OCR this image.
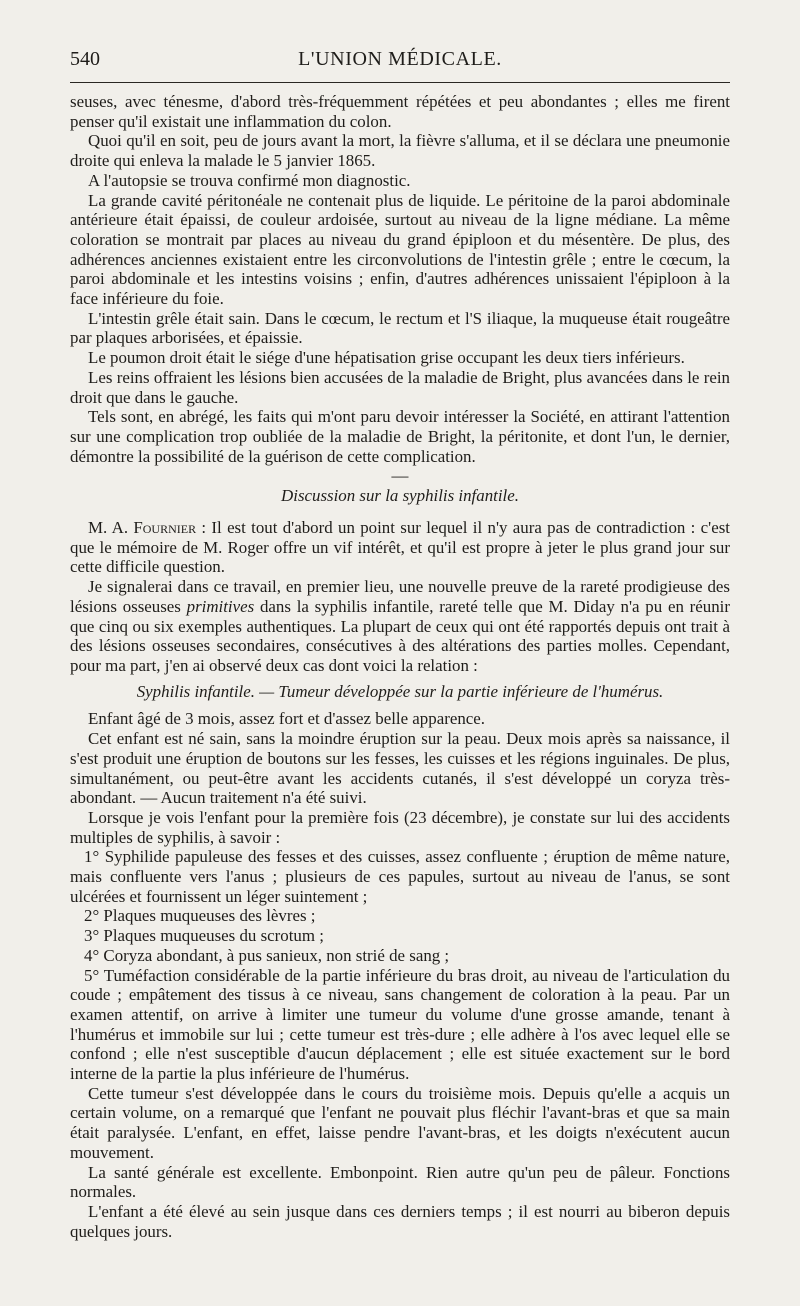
540	L'UNION MÉDICALE.

seuses, avec ténesme, d'abord très-fréquemment répétées et peu abondantes ; elles me firent penser qu'il existait une inflammation du colon.

Quoi qu'il en soit, peu de jours avant la mort, la fièvre s'alluma, et il se déclara une pneumonie droite qui enleva la malade le 5 janvier 1865.

A l'autopsie se trouva confirmé mon diagnostic.

La grande cavité péritonéale ne contenait plus de liquide. Le péritoine de la paroi abdominale antérieure était épaissi, de couleur ardoisée, surtout au niveau de la ligne médiane. La même coloration se montrait par places au niveau du grand épiploon et du mésentère. De plus, des adhérences anciennes existaient entre les circonvolutions de l'intestin grêle ; entre le cœcum, la paroi abdominale et les intestins voisins ; enfin, d'autres adhérences unissaient l'épiploon à la face inférieure du foie.

L'intestin grêle était sain. Dans le cœcum, le rectum et l'S iliaque, la muqueuse était rougeâtre par plaques arborisées, et épaissie.

Le poumon droit était le siége d'une hépatisation grise occupant les deux tiers inférieurs.

Les reins offraient les lésions bien accusées de la maladie de Bright, plus avancées dans le rein droit que dans le gauche.

Tels sont, en abrégé, les faits qui m'ont paru devoir intéresser la Société, en attirant l'attention sur une complication trop oubliée de la maladie de Bright, la péritonite, et dont l'un, le dernier, démontre la possibilité de la guérison de cette complication.

—

Discussion sur la syphilis infantile.

M. A. Fournier : Il est tout d'abord un point sur lequel il n'y aura pas de contradiction : c'est que le mémoire de M. Roger offre un vif intérêt, et qu'il est propre à jeter le plus grand jour sur cette difficile question.

Je signalerai dans ce travail, en premier lieu, une nouvelle preuve de la rareté prodigieuse des lésions osseuses primitives dans la syphilis infantile, rareté telle que M. Diday n'a pu en réunir que cinq ou six exemples authentiques. La plupart de ceux qui ont été rapportés depuis ont trait à des lésions osseuses secondaires, consécutives à des altérations des parties molles. Cependant, pour ma part, j'en ai observé deux cas dont voici la relation :

Syphilis infantile. — Tumeur développée sur la partie inférieure de l'humérus.

Enfant âgé de 3 mois, assez fort et d'assez belle apparence.

Cet enfant est né sain, sans la moindre éruption sur la peau. Deux mois après sa naissance, il s'est produit une éruption de boutons sur les fesses, les cuisses et les régions inguinales. De plus, simultanément, ou peut-être avant les accidents cutanés, il s'est développé un coryza très-abondant. — Aucun traitement n'a été suivi.

Lorsque je vois l'enfant pour la première fois (23 décembre), je constate sur lui des accidents multiples de syphilis, à savoir :

1° Syphilide papuleuse des fesses et des cuisses, assez confluente ; éruption de même nature, mais confluente vers l'anus ; plusieurs de ces papules, surtout au niveau de l'anus, se sont ulcérées et fournissent un léger suintement ;

2° Plaques muqueuses des lèvres ;

3° Plaques muqueuses du scrotum ;

4° Coryza abondant, à pus sanieux, non strié de sang ;

5° Tuméfaction considérable de la partie inférieure du bras droit, au niveau de l'articulation du coude ; empâtement des tissus à ce niveau, sans changement de coloration à la peau. Par un examen attentif, on arrive à limiter une tumeur du volume d'une grosse amande, tenant à l'humérus et immobile sur lui ; cette tumeur est très-dure ; elle adhère à l'os avec lequel elle se confond ; elle n'est susceptible d'aucun déplacement ; elle est située exactement sur le bord interne de la partie la plus inférieure de l'humérus.

Cette tumeur s'est développée dans le cours du troisième mois. Depuis qu'elle a acquis un certain volume, on a remarqué que l'enfant ne pouvait plus fléchir l'avant-bras et que sa main était paralysée. L'enfant, en effet, laisse pendre l'avant-bras, et les doigts n'exécutent aucun mouvement.

La santé générale est excellente. Embonpoint. Rien autre qu'un peu de pâleur. Fonctions normales.

L'enfant a été élevé au sein jusque dans ces derniers temps ; il est nourri au biberon depuis quelques jours.
